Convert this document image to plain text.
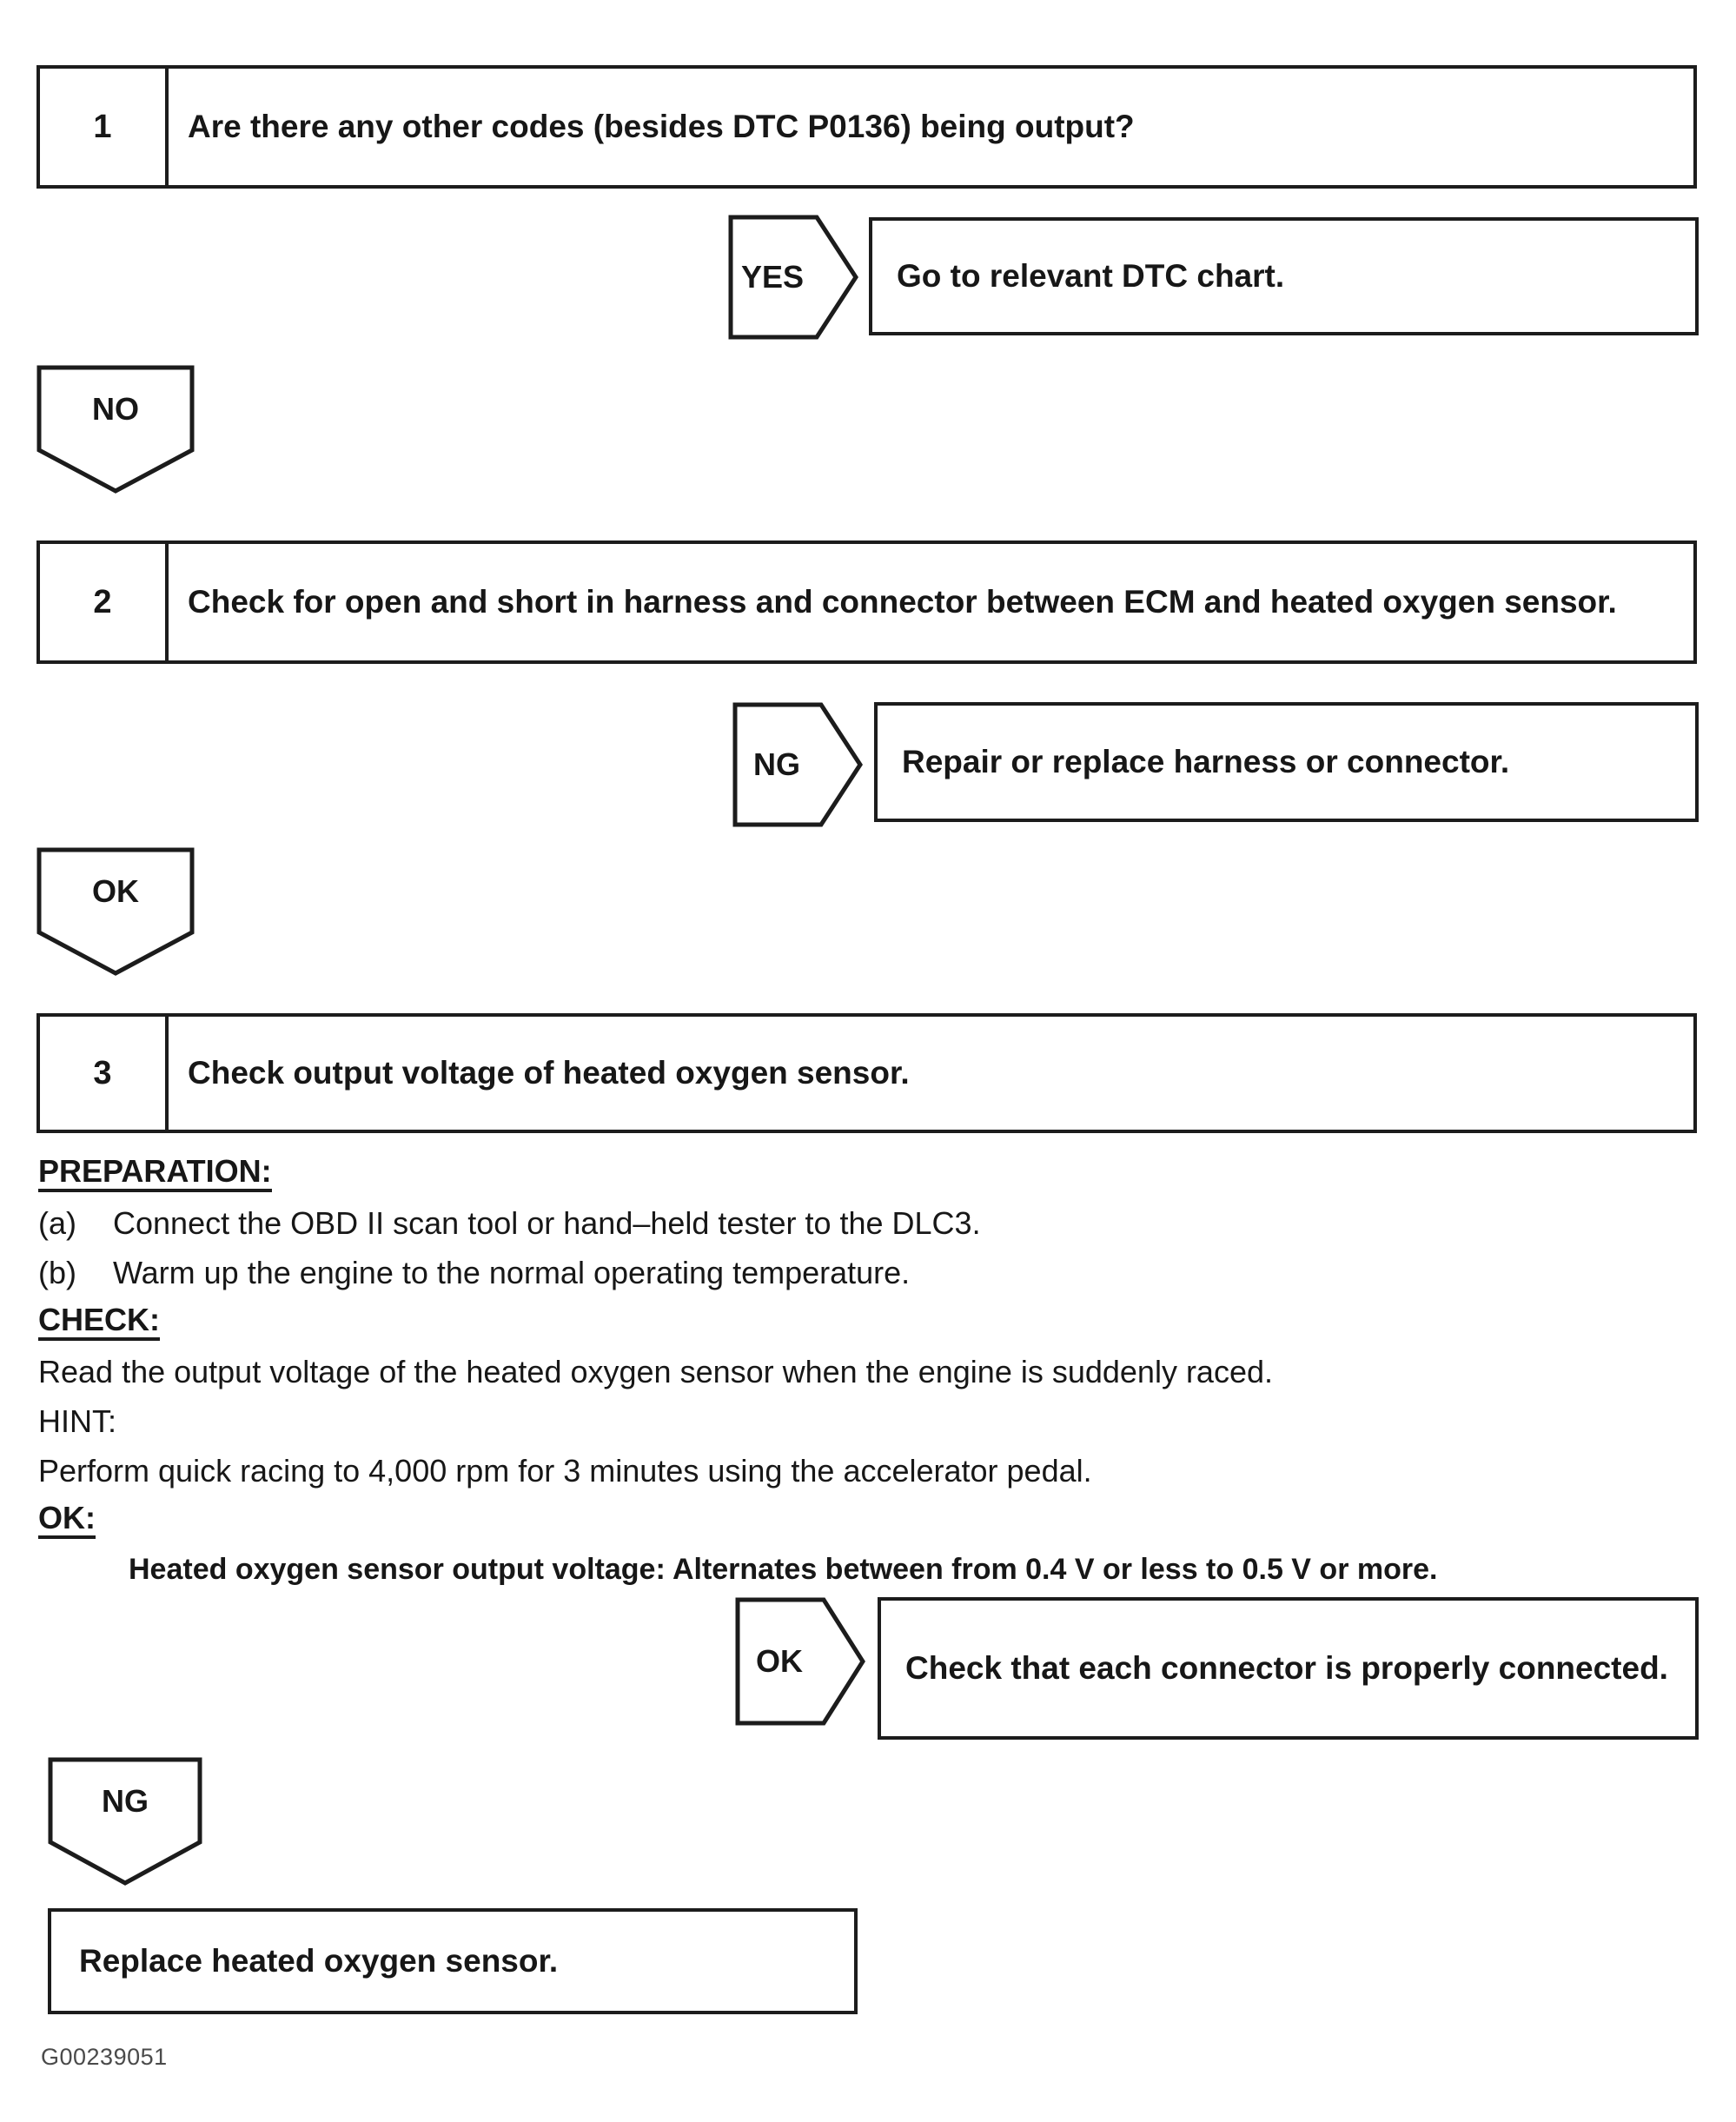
1	Are there any other codes (besides DTC P0136) being output?
YES	Go to relevant DTC chart.
NO
2	Check for open and short in harness and connector between ECM and heated oxygen sensor.
NG	Repair or replace harness or connector.
OK
3	Check output voltage of heated oxygen sensor.
PREPARATION:
(a)	Connect the OBD II scan tool or hand–held tester to the DLC3.
(b)	Warm up the engine to the normal operating temperature.
CHECK:
Read the output voltage of the heated oxygen sensor when the engine is suddenly raced.
HINT:
Perform quick racing to 4,000 rpm for 3 minutes using the accelerator pedal.
OK:
Heated oxygen sensor output voltage: Alternates between from 0.4 V or less to 0.5 V or more.
OK	Check that each connector is properly connected.
NG
Replace heated oxygen sensor.
G00239051
